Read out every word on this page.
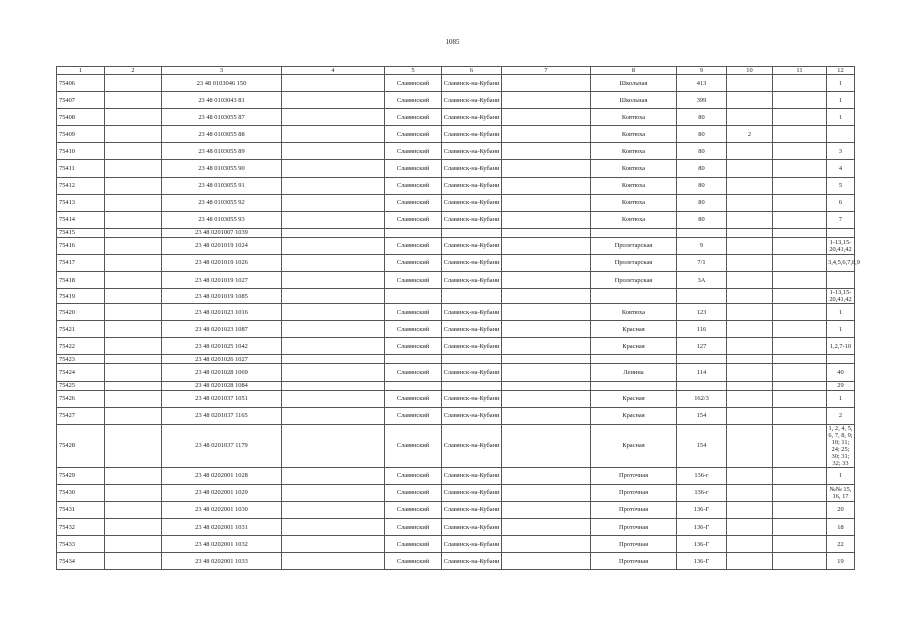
1085
1	2	3	4	5	6	7	8	9	10	11	12
75406		23 48 0103046 150		Славянский	Славянск-на-Кубани		Школьная	413			1
75407		23 48 0103043 81		Славянский	Славянск-на-Кубани		Школьная	399			1
75408		23 48 0103055 87		Славянский	Славянск-на-Кубани		Ковтюха	80			1
75409		23 48 0103055 88		Славянский	Славянск-на-Кубани		Ковтюха	80	2		
75410		23 48 0103055 89		Славянский	Славянск-на-Кубани		Ковтюха	80			3
75411		23 48 0103055 90		Славянский	Славянск-на-Кубани		Ковтюха	80			4
75412		23 48 0103055 91		Славянский	Славянск-на-Кубани		Ковтюха	80			5
75413		23 48 0103055 92		Славянский	Славянск-на-Кубани		Ковтюха	80			6
75414		23 48 0103055 93		Славянский	Славянск-на-Кубани		Ковтюха	80			7
75415		23 48 0201007 1039									
75416		23 48 0201019 1024		Славянский	Славянск-на-Кубани		Пролетарская	9			1-13,15-20,41,42
75417		23 48 0201019 1026		Славянский	Славянск-на-Кубани		Пролетарская	7/1			3,4,5,6,7,8,9
75418		23 48 0201019 1027		Славянский	Славянск-на-Кубани		Пролетарская	3А			
75419		23 48 0201019 1085									1-13,15-20,41,42
75420		23 48 0201023 1016		Славянский	Славянск-на-Кубани		Ковтюха	123			1
75421		23 48 0201023 1087		Славянский	Славянск-на-Кубани		Красная	116			1
75422		23 48 0201025 1042		Славянский	Славянск-на-Кубани		Красная	127			1,2,7-10
75423		23 48 0201026 1027									
75424		23 48 0201028 1069		Славянский	Славянск-на-Кубани		Ленина	114			40
75425		23 48 0201028 1084									29
75426		23 48 0201037 1051		Славянский	Славянск-на-Кубани		Красная	162/3			1
75427		23 48 0201037 1165		Славянский	Славянск-на-Кубани		Красная	154			2
75428		23 48 0201037 1179		Славянский	Славянск-на-Кубани		Красная	154			1, 2, 4, 5, 6, 7, 8, 9; 10; 11; 24; 25; 30; 31; 32; 33
75429		23 48 0202001 1028		Славянский	Славянск-на-Кубани		Проточная	136-г			1
75430		23 48 0202001 1029		Славянский	Славянск-на-Кубани		Проточная	136-г			№№ 15, 16, 17
75431		23 48 0202001 1030		Славянский	Славянск-на-Кубани		Проточная	136-Г			20
75432		23 48 0202001 1031		Славянский	Славянск-на-Кубани		Проточная	136-Г			18
75433		23 48 0202001 1032		Славянский	Славянск-на-Кубани		Проточная	136-Г			22
75434		23 48 0202001 1033		Славянский	Славянск-на-Кубани		Проточная	136-Г			19
